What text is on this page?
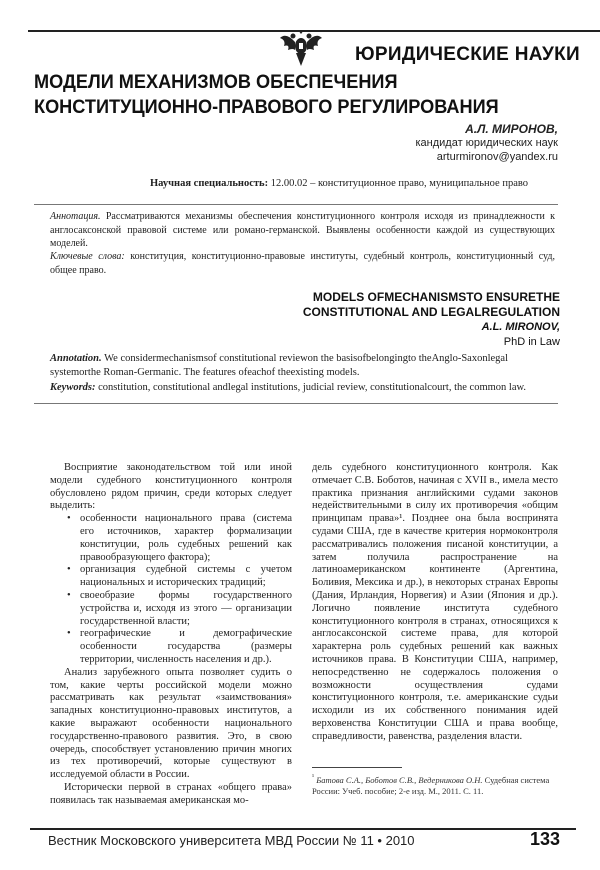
ЮРИДИЧЕСКИЕ НАУКИ
МОДЕЛИ МЕХАНИЗМОВ ОБЕСПЕЧЕНИЯ
КОНСТИТУЦИОННО-ПРАВОВОГО РЕГУЛИРОВАНИЯ
А.Л. МИРОНОВ,
кандидат юридических наук
arturmironov@yandex.ru
Научная специальность: 12.00.02 – конституционное право, муниципальное право
Аннотация. Рассматриваются механизмы обеспечения конституционного контроля исходя из принадлежности к англосаксонской правовой системе или романо-германской. Выявлены особенности каждой из существующих моделей.
Ключевые слова: конституция, конституционно-правовые институты, судебный контроль, конституционный суд, общее право.
MODELS OFMECHANISMSTO ENSURETHE
CONSTITUTIONAL AND LEGALREGULATION
A.L. MIRONOV,
PhD in Law
Annotation. We considermechanismsof constitutional reviewon the basisofbelongingto theAnglo-Saxonlegal systemorthe Roman-Germanic. The features ofeachof theexisting models.
Keywords: constitution, constitutional andlegal institutions, judicial review, constitutionalcourt, the common law.

Восприятие законодательством той или иной модели судебного конституционного контроля обусловлено рядом причин, среди которых следует выделить:

• особенности национального права (система его источников, характер формализации конституции, роль судебных решений как правообразующего фактора);
• организация судебной системы с учетом национальных и исторических традиций;
• своеобразие формы государственного устройства и, исходя из этого — организации государственной власти;
• географические и демографические особенности государства (размеры территории, численность населения и др.).

Анализ зарубежного опыта позволяет судить о том, какие черты российской модели можно рассматривать как результат «заимствования» западных конституционно-правовых институтов, а какие выражают особенности национального государственно-правового развития. Это, в свою очередь, способствует установлению причин многих из тех противоречий, которые существуют в исследуемой области в России.

Исторически первой в странах «общего права» появилась так называемая американская мо-

дель судебного конституционного контроля. Как отмечает С.В. Боботов, начиная с XVII в., имела место практика признания английскими судами законов недействительными в силу их противоречия «общим принципам права»¹. Позднее она была воспринята судами США, где в качестве критерия нормоконтроля рассматривались положения писаной конституции, а затем получила распространение на латиноамериканском континенте (Аргентина, Боливия, Мексика и др.), в некоторых странах Европы (Дания, Ирландия, Норвегия) и Азии (Япония и др.). Логично появление института судебного конституционного контроля в странах, относящихся к англосаксонской системе права, для которой характерна роль судебных решений как важных источников права. В Конституции США, например, непосредственно не содержалось положения о возможности осуществления судами конституционного контроля, т.е. американские судьи исходили из их собственного понимания идей верховенства Конституции США и права вообще, справедливости, равенства, разделения власти.

$^{^1}$ Батова С.А., Боботов С.В., Ведерникова О.Н. Судебная система России: Учеб. пособие; 2-е изд. М., 2011. С. 11.
Вестник Московского университета МВД России № 11 • 2010	133
